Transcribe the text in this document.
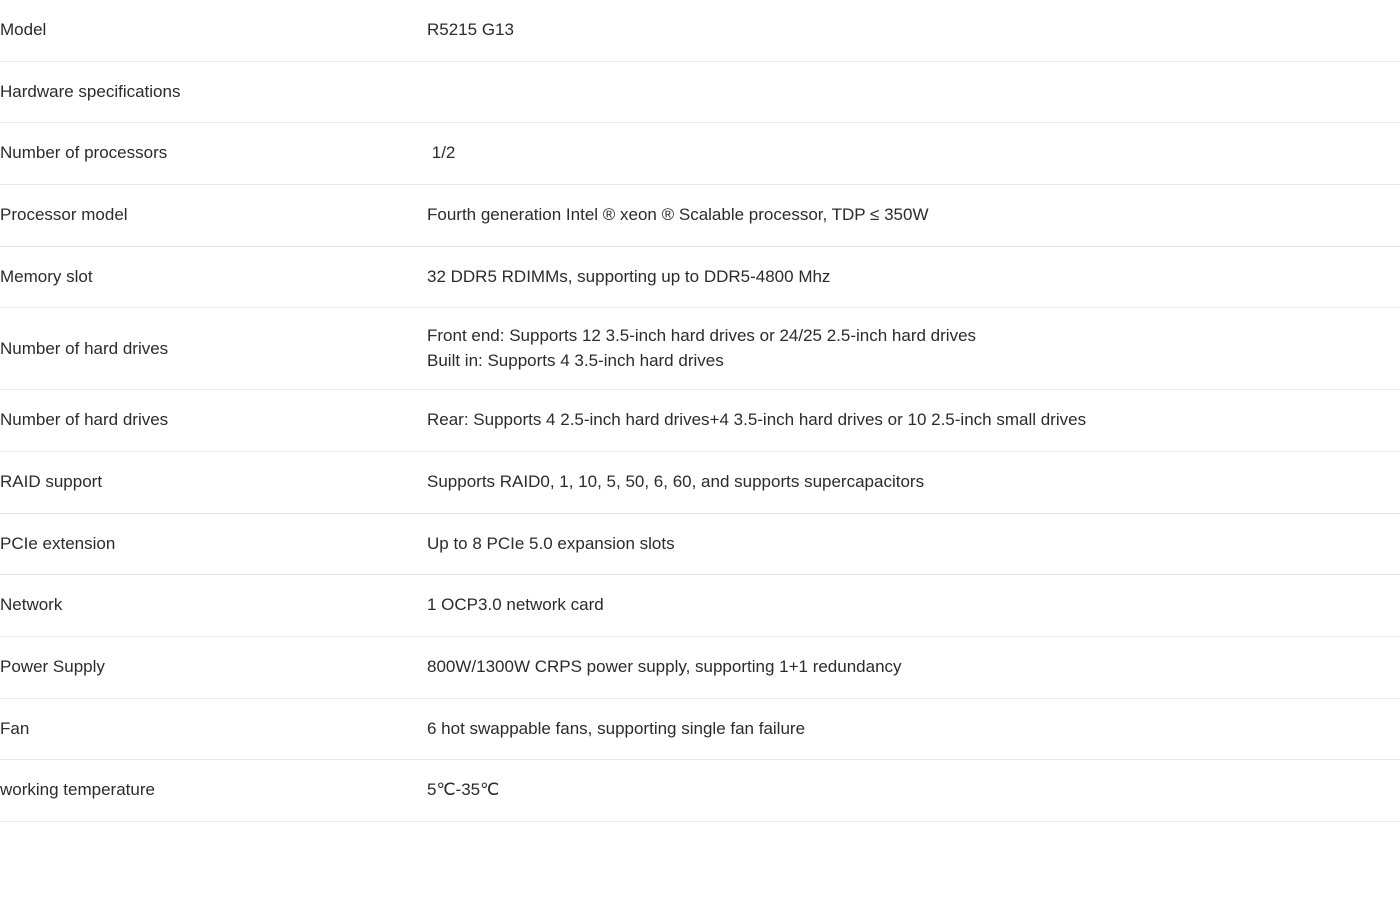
Model	R5215 G13

Hardware specifications	

Number of processors	1/2

Processor model	Fourth generation Intel ® xeon ® Scalable processor, TDP ≤ 350W

Memory slot	32 DDR5 RDIMMs, supporting up to DDR5-4800 Mhz

Number of hard drives	Front end: Supports 12 3.5-inch hard drives or 24/25 2.5-inch hard drives
Built in: Supports 4 3.5-inch hard drives

Number of hard drives	Rear: Supports 4 2.5-inch hard drives+4 3.5-inch hard drives or 10 2.5-inch small drives

RAID support	Supports RAID0, 1, 10, 5, 50, 6, 60, and supports supercapacitors

PCIe extension	Up to 8 PCIe 5.0 expansion slots

Network	1 OCP3.0 network card

Power Supply	800W/1300W CRPS power supply, supporting 1+1 redundancy

Fan	6 hot swappable fans, supporting single fan failure

working temperature	5℃-35℃
